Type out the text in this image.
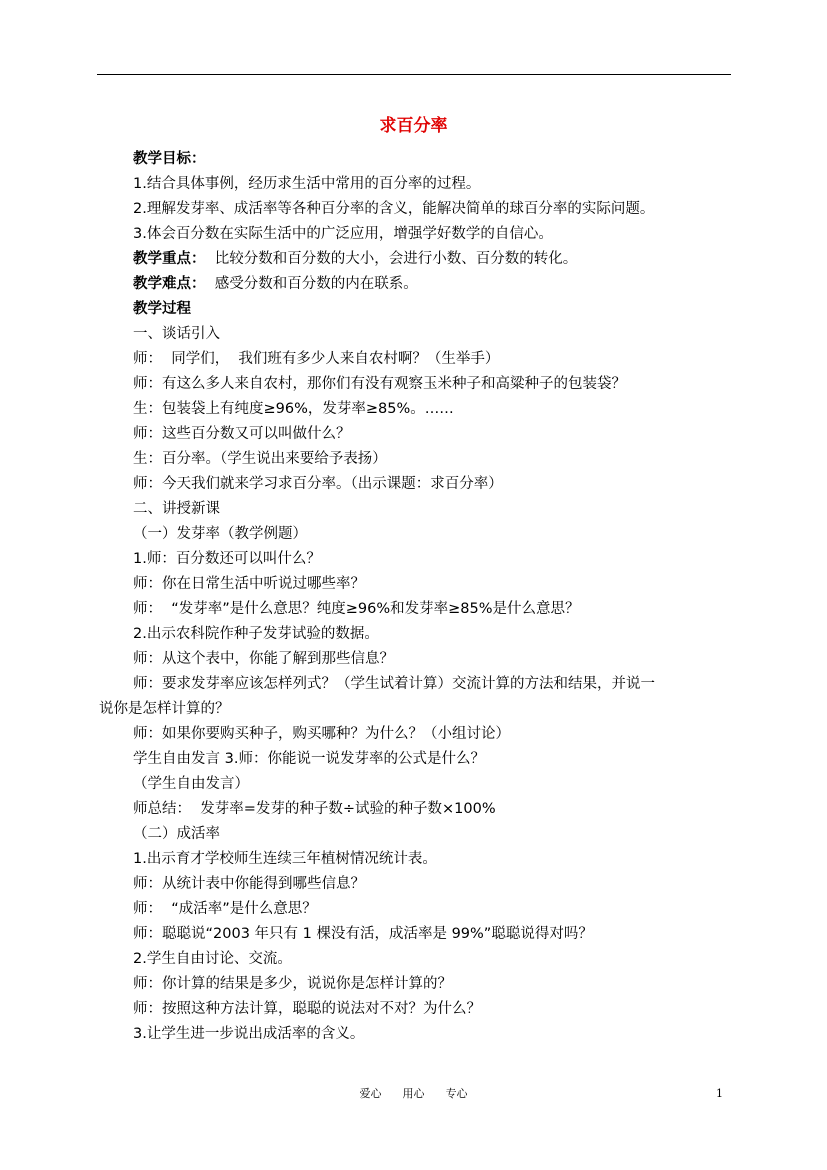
求百分率
教学目标：
1.结合具体事例，经历求生活中常用的百分率的过程。
2.理解发芽率、成活率等各种百分率的含义，能解决简单的球百分率的实际问题。
3.体会百分数在实际生活中的广泛应用，增强学好数学的自信心。
教学重点：  比较分数和百分数的大小，会进行小数、百分数的转化。
教学难点：  感受分数和百分数的内在联系。
教学过程
一、谈话引入
师：  同学们，  我们班有多少人来自农村啊？（生举手）
师：有这么多人来自农村，那你们有没有观察玉米种子和高粱种子的包装袋？
生：包装袋上有纯度≥96%，发芽率≥85%。……
师：这些百分数又可以叫做什么？
生：百分率。（学生说出来要给予表扬）
师：今天我们就来学习求百分率。（出示课题：求百分率）
二、讲授新课
（一）发芽率（教学例题）
1.师：百分数还可以叫什么？
师：你在日常生活中听说过哪些率？
师：  “发芽率”是什么意思？纯度≥96%和发芽率≥85%是什么意思？
2.出示农科院作种子发芽试验的数据。
师：从这个表中，你能了解到那些信息？
师：要求发芽率应该怎样列式？（学生试着计算）交流计算的方法和结果，并说一
说你是怎样计算的？
师：如果你要购买种子，购买哪种？为什么？（小组讨论）
学生自由发言 3.师：你能说一说发芽率的公式是什么？
（学生自由发言）
师总结：  发芽率=发芽的种子数÷试验的种子数×100%
（二）成活率
1.出示育才学校师生连续三年植树情况统计表。
师：从统计表中你能得到哪些信息？
师：  “成活率”是什么意思？
师：聪聪说“2003 年只有 1 棵没有活，成活率是 99%”聪聪说得对吗？
2.学生自由讨论、交流。
师：你计算的结果是多少，说说你是怎样计算的？
师：按照这种方法计算，聪聪的说法对不对？为什么？
3.让学生进一步说出成活率的含义。
爱心      用心      专心	1
